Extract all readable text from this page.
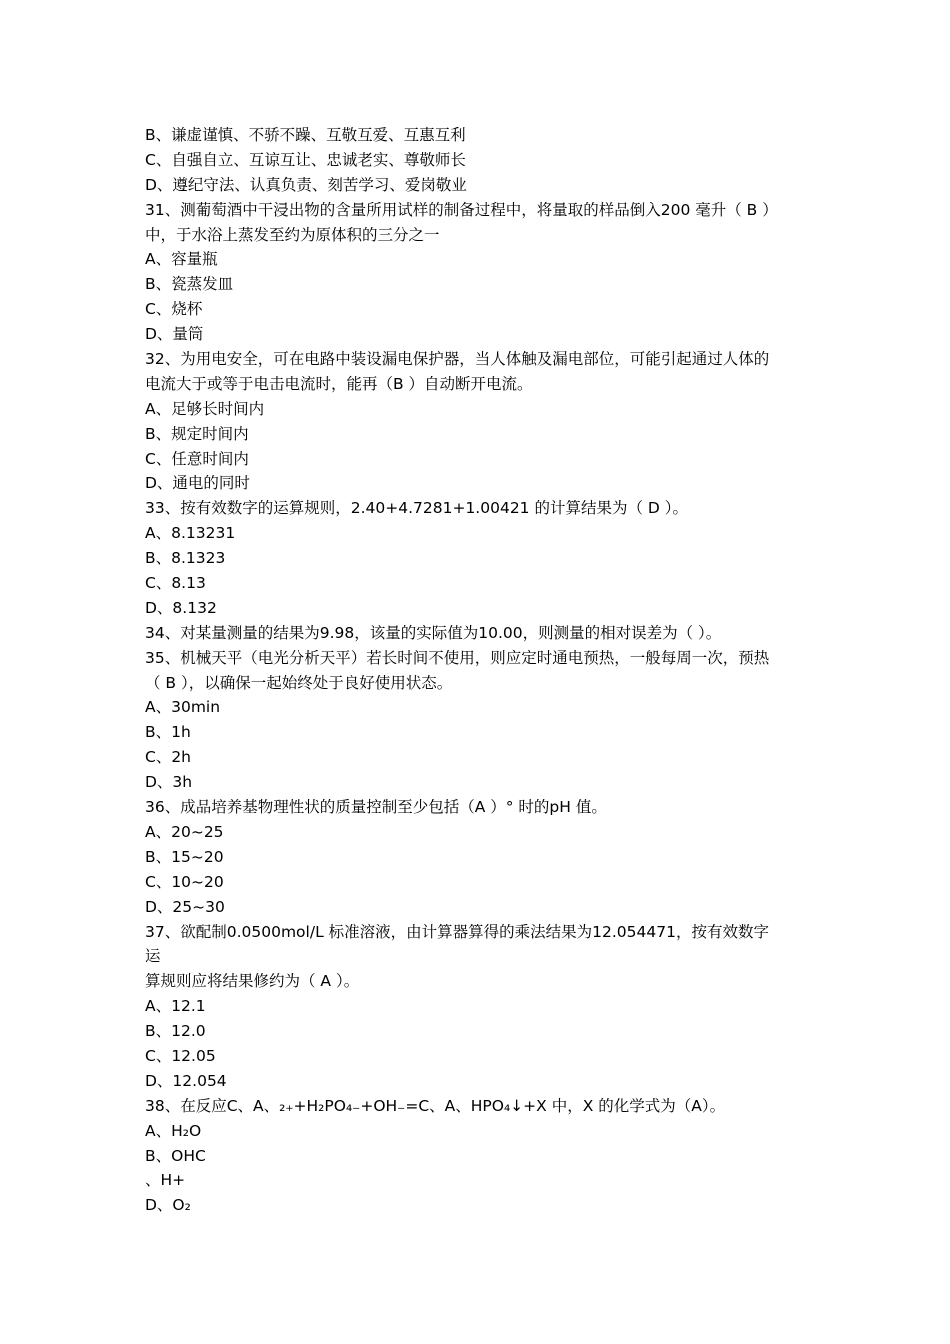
B、谦虚谨慎、不骄不躁、互敬互爱、互惠互利
C、自强自立、互谅互让、忠诚老实、尊敬师长
D、遵纪守法、认真负责、刻苦学习、爱岗敬业
31、测葡萄酒中干浸出物的含量所用试样的制备过程中，将量取的样品倒入200 毫升（ B ）
中，于水浴上蒸发至约为原体积的三分之一
A、容量瓶
B、瓷蒸发皿
C、烧杯
D、量筒
32、为用电安全，可在电路中装设漏电保护器，当人体触及漏电部位，可能引起通过人体的
电流大于或等于电击电流时，能再（B ）自动断开电流。
A、足够长时间内
B、规定时间内
C、任意时间内
D、通电的同时
33、按有效数字的运算规则，2.40+4.7281+1.00421 的计算结果为（ D ）。
A、8.13231
B、8.1323
C、8.13
D、8.132
34、对某量测量的结果为9.98，该量的实际值为10.00，则测量的相对误差为（ ）。
35、机械天平（电光分析天平）若长时间不使用，则应定时通电预热，一般每周一次，预热
（ B ），以确保一起始终处于良好使用状态。
A、30min
B、1h
C、2h
D、3h
36、成品培养基物理性状的质量控制至少包括（A ）° 时的pH 值。
A、20~25
B、15~20
C、10~20
D、25~30
37、欲配制0.0500mol/L 标准溶液，由计算器算得的乘法结果为12.054471，按有效数字
运
算规则应将结果修约为（ A ）。
A、12.1
B、12.0
C、12.05
D、12.054
38、在反应C、A、₂₊+H₂PO₄₋+OH₋=C、A、HPO₄↓+X 中，X 的化学式为（A）。
A、H₂O
B、OHC
、H+
D、O₂
